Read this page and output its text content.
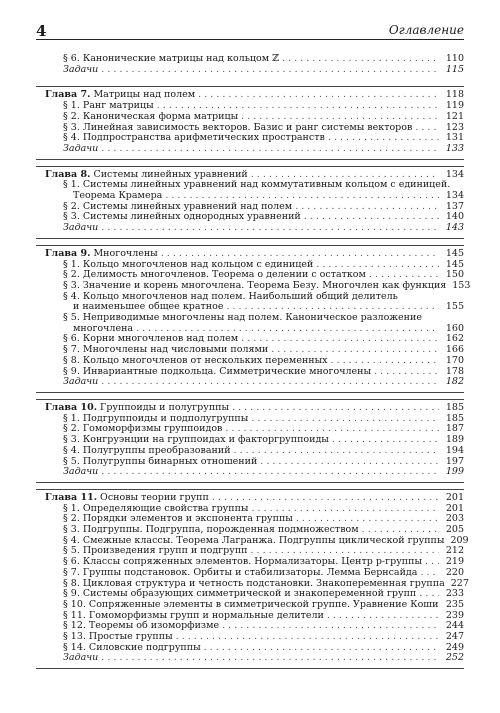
4	Оглавление
§ 6. Канонические матрицы над кольцом ℤ . . .	110
Задачи . . .	115
Глава 7. Матрицы над полем . . .	118
§ 1. Ранг матрицы . . .	119
§ 2. Каноническая форма матрицы . . .	121
§ 3. Линейная зависимость векторов. Базис и ранг системы векторов . . .	123
§ 4. Подпространства арифметических пространств . . .	131
Задачи . . .	133
Глава 8. Системы линейных уравнений . . .	134
§ 1. Системы линейных уравнений над коммутативным кольцом с единицей.
Теорема Крамера . . .	134
§ 2. Системы линейных уравнений над полем . . .	137
§ 3. Системы линейных однородных уравнений . . .	140
Задачи . . .	143
Глава 9. Многочлены . . .	145
§ 1. Кольцо многочленов над кольцом с единицей . . .	145
§ 2. Делимость многочленов. Теорема о делении с остатком . . .	150
§ 3. Значение и корень многочлена. Теорема Безу. Многочлен как функция 153
§ 4. Кольцо многочленов над полем. Наибольший общий делитель
и наименьшее общее кратное . . .	155
§ 5. Неприводимые многочлены над полем. Каноническое разложение
многочлена . . .	160
§ 6. Корни многочленов над полем . . .	162
§ 7. Многочлены над числовыми полями . . .	166
§ 8. Кольцо многочленов от нескольких переменных . . .	170
§ 9. Инвариантные подкольца. Симметрические многочлены . . .	178
Задачи . . .	182
Глава 10. Группоиды и полугруппы . . .	185
§ 1. Подгруппоиды и подполугруппы . . .	185
§ 2. Гомоморфизмы группоидов . . .	187
§ 3. Конгруэнции на группоидах и факторгруппоиды . . .	189
§ 4. Полугруппы преобразований . . .	194
§ 5. Полугруппы бинарных отношений . . .	197
Задачи . . .	199
Глава 11. Основы теории групп . . .	201
§ 1. Определяющие свойства группы . . .	201
§ 2. Порядки элементов и экспонента группы . . .	203
§ 3. Подгруппы. Подгруппа, порожденная подмножеством . . .	205
§ 4. Смежные классы. Теорема Лагранжа. Подгруппы циклической группы 209
§ 5. Произведения групп и подгрупп . . .	212
§ 6. Классы сопряженных элементов. Нормализаторы. Центр p-группы . . .	219
§ 7. Группы подстановок. Орбиты и стабилизаторы. Лемма Бернсайда . . .	220
§ 8. Цикловая структура и четность подстановки. Знакопеременная группа 227
§ 9. Системы образующих симметрической и знакопеременной групп . . .	233
§ 10. Сопряженные элементы в симметрической группе. Уравнение Коши 235
§ 11. Гомоморфизмы групп и нормальные делители . . .	239
§ 12. Теоремы об изоморфизме . . .	244
§ 13. Простые группы . . .	247
§ 14. Силовские подгруппы . . .	249
Задачи . . .	252
